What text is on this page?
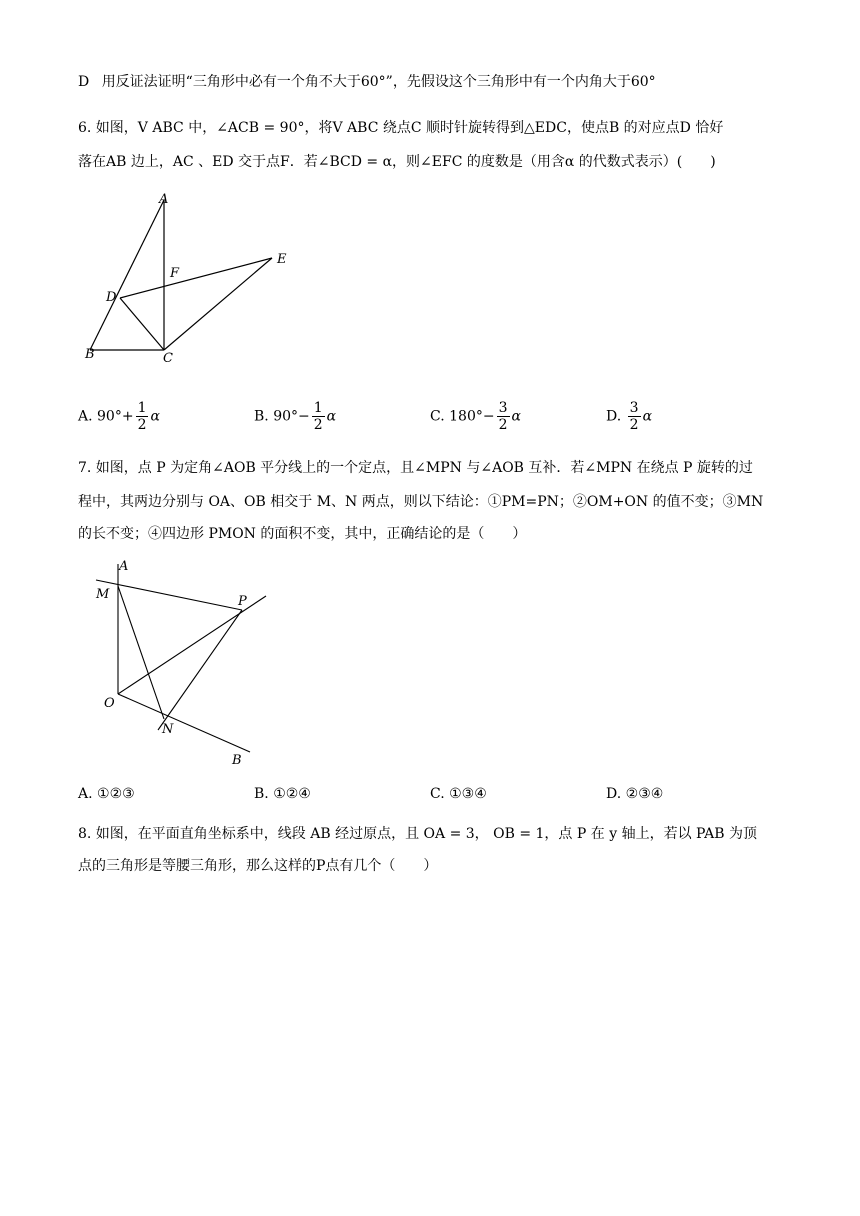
D 用反证法证明“三角形中必有一个角不大于60°”，先假设这个三角形中有一个内角大于60°
6. 如图，V ABC 中，∠ACB = 90°，将V ABC 绕点C 顺时针旋转得到△EDC，使点B 的对应点D 恰好
落在AB 边上，AC 、ED 交于点F．若∠BCD = α，则∠EFC 的度数是（用含α 的代数式表示）(　　)
A
F
E
D
B	C
A. $90^\circ+ \frac{1}{2}$ α	B. $90^\circ- \frac{1}{2}$ α	C. $180^\circ- \frac{3}{2}$ α	D. $\frac{3}{2}$ α
7. 如图，点 P 为定角∠AOB 平分线上的一个定点，且∠MPN 与∠AOB 互补．若∠MPN 在绕点 P 旋转的过
程中，其两边分别与 OA、OB 相交于 M、N 两点，则以下结论：①PM=PN；②OM+ON 的值不变；③MN
的长不变；④四边形 PMON 的面积不变，其中，正确结论的是（　　）
A
M	P
O
N
B
A. ①②③	B. ①②④	C. ①③④	D. ②③④
8. 如图，在平面直角坐标系中，线段 AB 经过原点，且 OA = 3， OB = 1，点 P 在 y 轴上，若以 PAB 为顶
点的三角形是等腰三角形，那么这样的P点有几个（　　）
